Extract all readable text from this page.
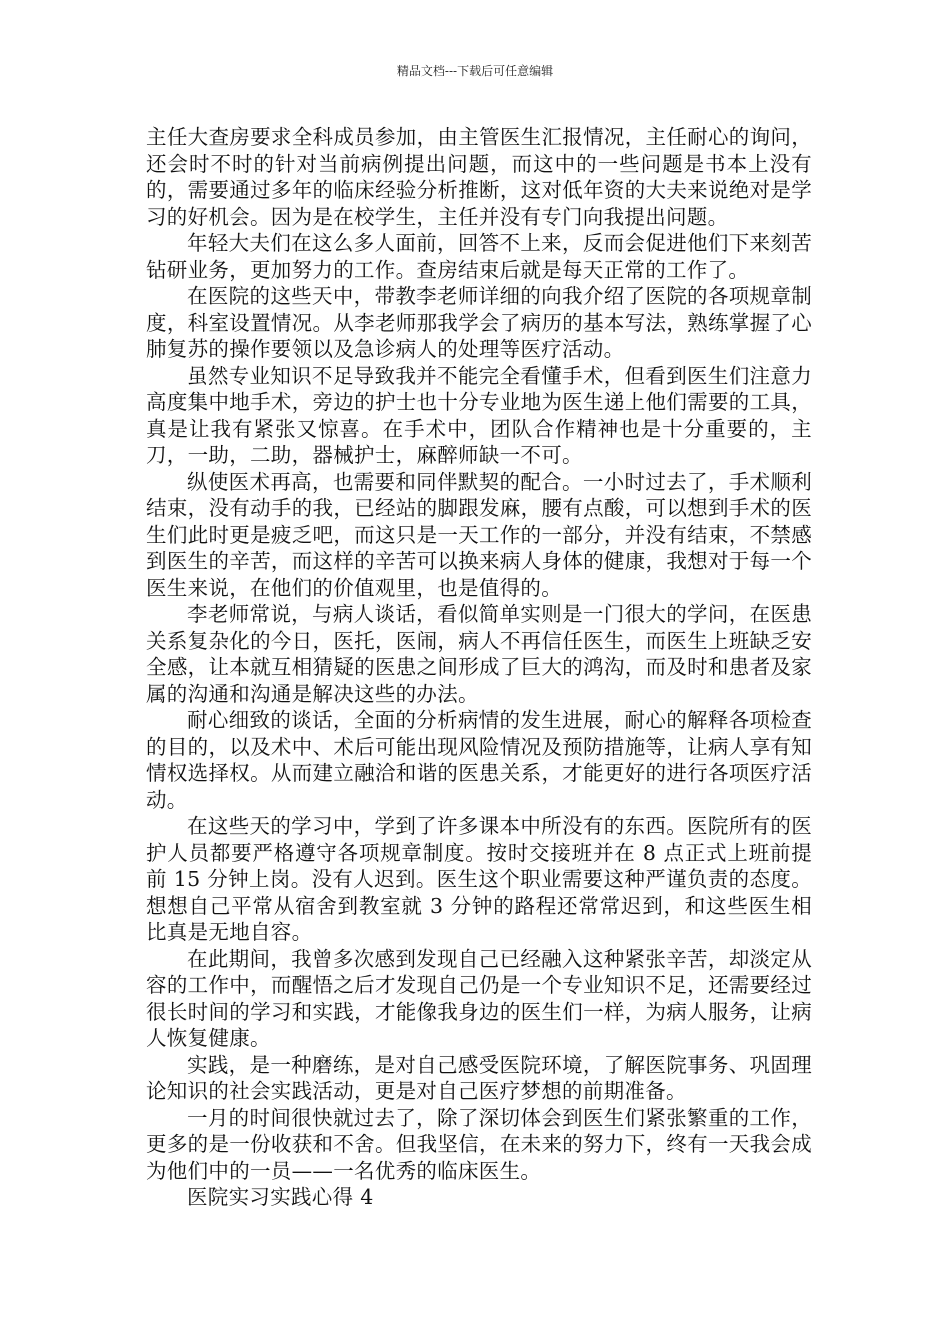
精品文档---下载后可任意编辑

主任大查房要求全科成员参加，由主管医生汇报情况，主任耐心的询问，还会时不时的针对当前病例提出问题，而这中的一些问题是书本上没有的，需要通过多年的临床经验分析推断，这对低年资的大夫来说绝对是学习的好机会。因为是在校学生，主任并没有专门向我提出问题。

年轻大夫们在这么多人面前，回答不上来，反而会促进他们下来刻苦钻研业务，更加努力的工作。查房结束后就是每天正常的工作了。

在医院的这些天中，带教李老师详细的向我介绍了医院的各项规章制度，科室设置情况。从李老师那我学会了病历的基本写法，熟练掌握了心肺复苏的操作要领以及急诊病人的处理等医疗活动。

虽然专业知识不足导致我并不能完全看懂手术，但看到医生们注意力高度集中地手术，旁边的护士也十分专业地为医生递上他们需要的工具，真是让我有紧张又惊喜。在手术中，团队合作精神也是十分重要的，主刀，一助，二助，器械护士，麻醉师缺一不可。

纵使医术再高，也需要和同伴默契的配合。一小时过去了，手术顺利结束，没有动手的我，已经站的脚跟发麻，腰有点酸，可以想到手术的医生们此时更是疲乏吧，而这只是一天工作的一部分，并没有结束，不禁感到医生的辛苦，而这样的辛苦可以换来病人身体的健康，我想对于每一个医生来说，在他们的价值观里，也是值得的。

李老师常说，与病人谈话，看似简单实则是一门很大的学问，在医患关系复杂化的今日，医托，医闹，病人不再信任医生，而医生上班缺乏安全感，让本就互相猜疑的医患之间形成了巨大的鸿沟，而及时和患者及家属的沟通和沟通是解决这些的办法。

耐心细致的谈话，全面的分析病情的发生进展，耐心的解释各项检查的目的，以及术中、术后可能出现风险情况及预防措施等，让病人享有知情权选择权。从而建立融洽和谐的医患关系，才能更好的进行各项医疗活动。

在这些天的学习中，学到了许多课本中所没有的东西。医院所有的医护人员都要严格遵守各项规章制度。按时交接班并在 8 点正式上班前提前 15 分钟上岗。没有人迟到。医生这个职业需要这种严谨负责的态度。想想自己平常从宿舍到教室就 3 分钟的路程还常常迟到，和这些医生相比真是无地自容。

在此期间，我曾多次感到发现自己已经融入这种紧张辛苦，却淡定从容的工作中，而醒悟之后才发现自己仍是一个专业知识不足，还需要经过很长时间的学习和实践，才能像我身边的医生们一样，为病人服务，让病人恢复健康。

实践，是一种磨练，是对自己感受医院环境，了解医院事务、巩固理论知识的社会实践活动，更是对自己医疗梦想的前期准备。

一月的时间很快就过去了，除了深切体会到医生们紧张繁重的工作，更多的是一份收获和不舍。但我坚信，在未来的努力下，终有一天我会成为他们中的一员——一名优秀的临床医生。

医院实习实践心得 4
